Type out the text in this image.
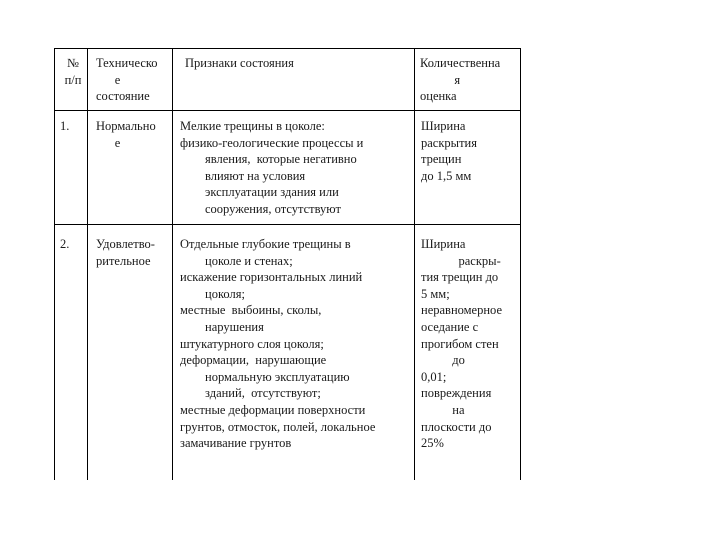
№
п/п
Техническо
е
состояние
Признаки состояния	Количественна
я
оценка
1. Нормально
е
Мелкие трещины в цоколе:
физико-геологические процессы и
явления,  которые негативно
влияют на условия
эксплуатации здания или
сооружения, отсутствуют
Ширина
раскрытия
трещин
до 1,5 мм
2. Удовлетво-
рительное
Отдельные глубокие трещины в
цоколе и стенах;
искажение горизонтальных линий
цоколя;
местные  выбоины, сколы,
нарушения
штукатурного слоя цоколя;
деформации,  нарушающие
нормальную эксплуатацию
зданий,  отсутствуют;
местные деформации поверхности
грунтов, отмосток, полей, локальное
замачивание грунтов
Ширина
раскры-
тия трещин до
5 мм;
неравномерное
оседание с
прогибом стен
до
0,01;
повреждения
на
плоскости до
25%
